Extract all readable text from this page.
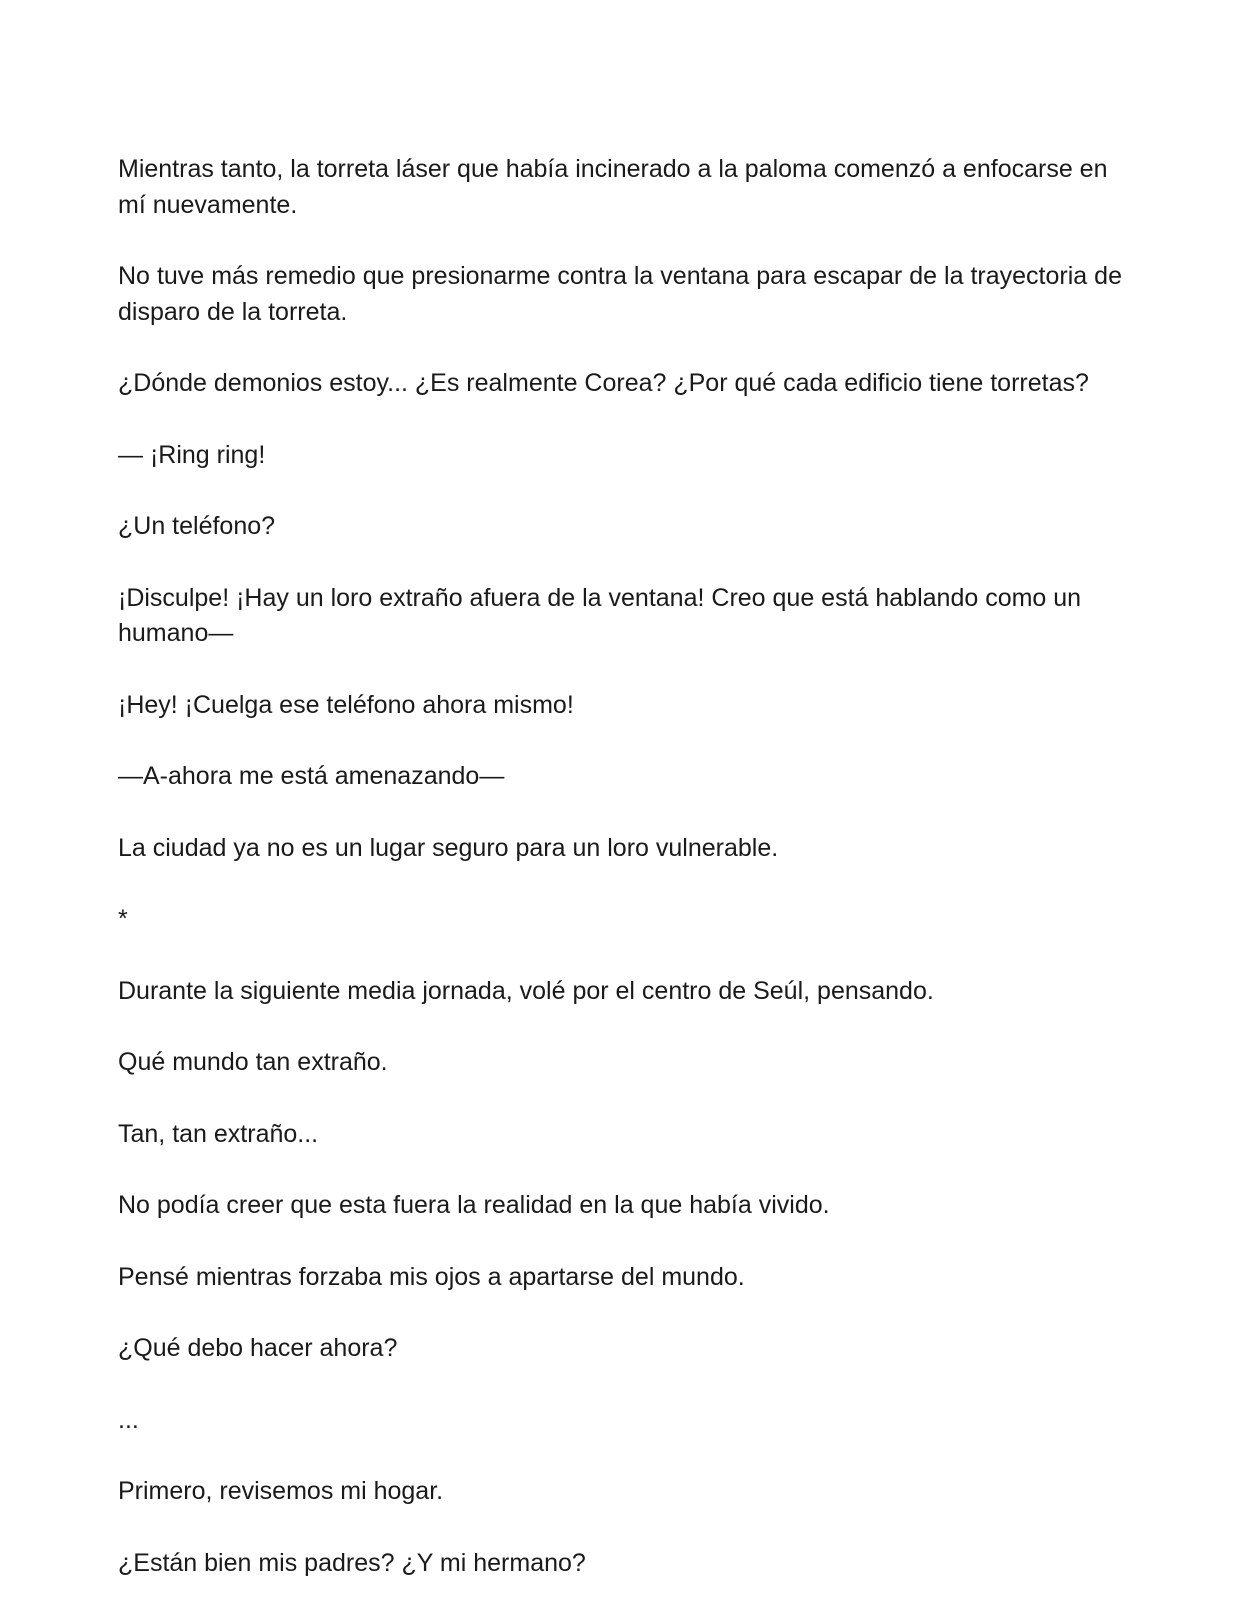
Mientras tanto, la torreta láser que había incinerado a la paloma comenzó a enfocarse en mí nuevamente.

No tuve más remedio que presionarme contra la ventana para escapar de la trayectoria de disparo de la torreta.

¿Dónde demonios estoy... ¿Es realmente Corea? ¿Por qué cada edificio tiene torretas?

— ¡Ring ring!

¿Un teléfono?

¡Disculpe! ¡Hay un loro extraño afuera de la ventana! Creo que está hablando como un humano—

¡Hey! ¡Cuelga ese teléfono ahora mismo!

—A-ahora me está amenazando—

La ciudad ya no es un lugar seguro para un loro vulnerable.

*

Durante la siguiente media jornada, volé por el centro de Seúl, pensando.

Qué mundo tan extraño.

Tan, tan extraño...

No podía creer que esta fuera la realidad en la que había vivido.

Pensé mientras forzaba mis ojos a apartarse del mundo.

¿Qué debo hacer ahora?

...

Primero, revisemos mi hogar.

¿Están bien mis padres? ¿Y mi hermano?
